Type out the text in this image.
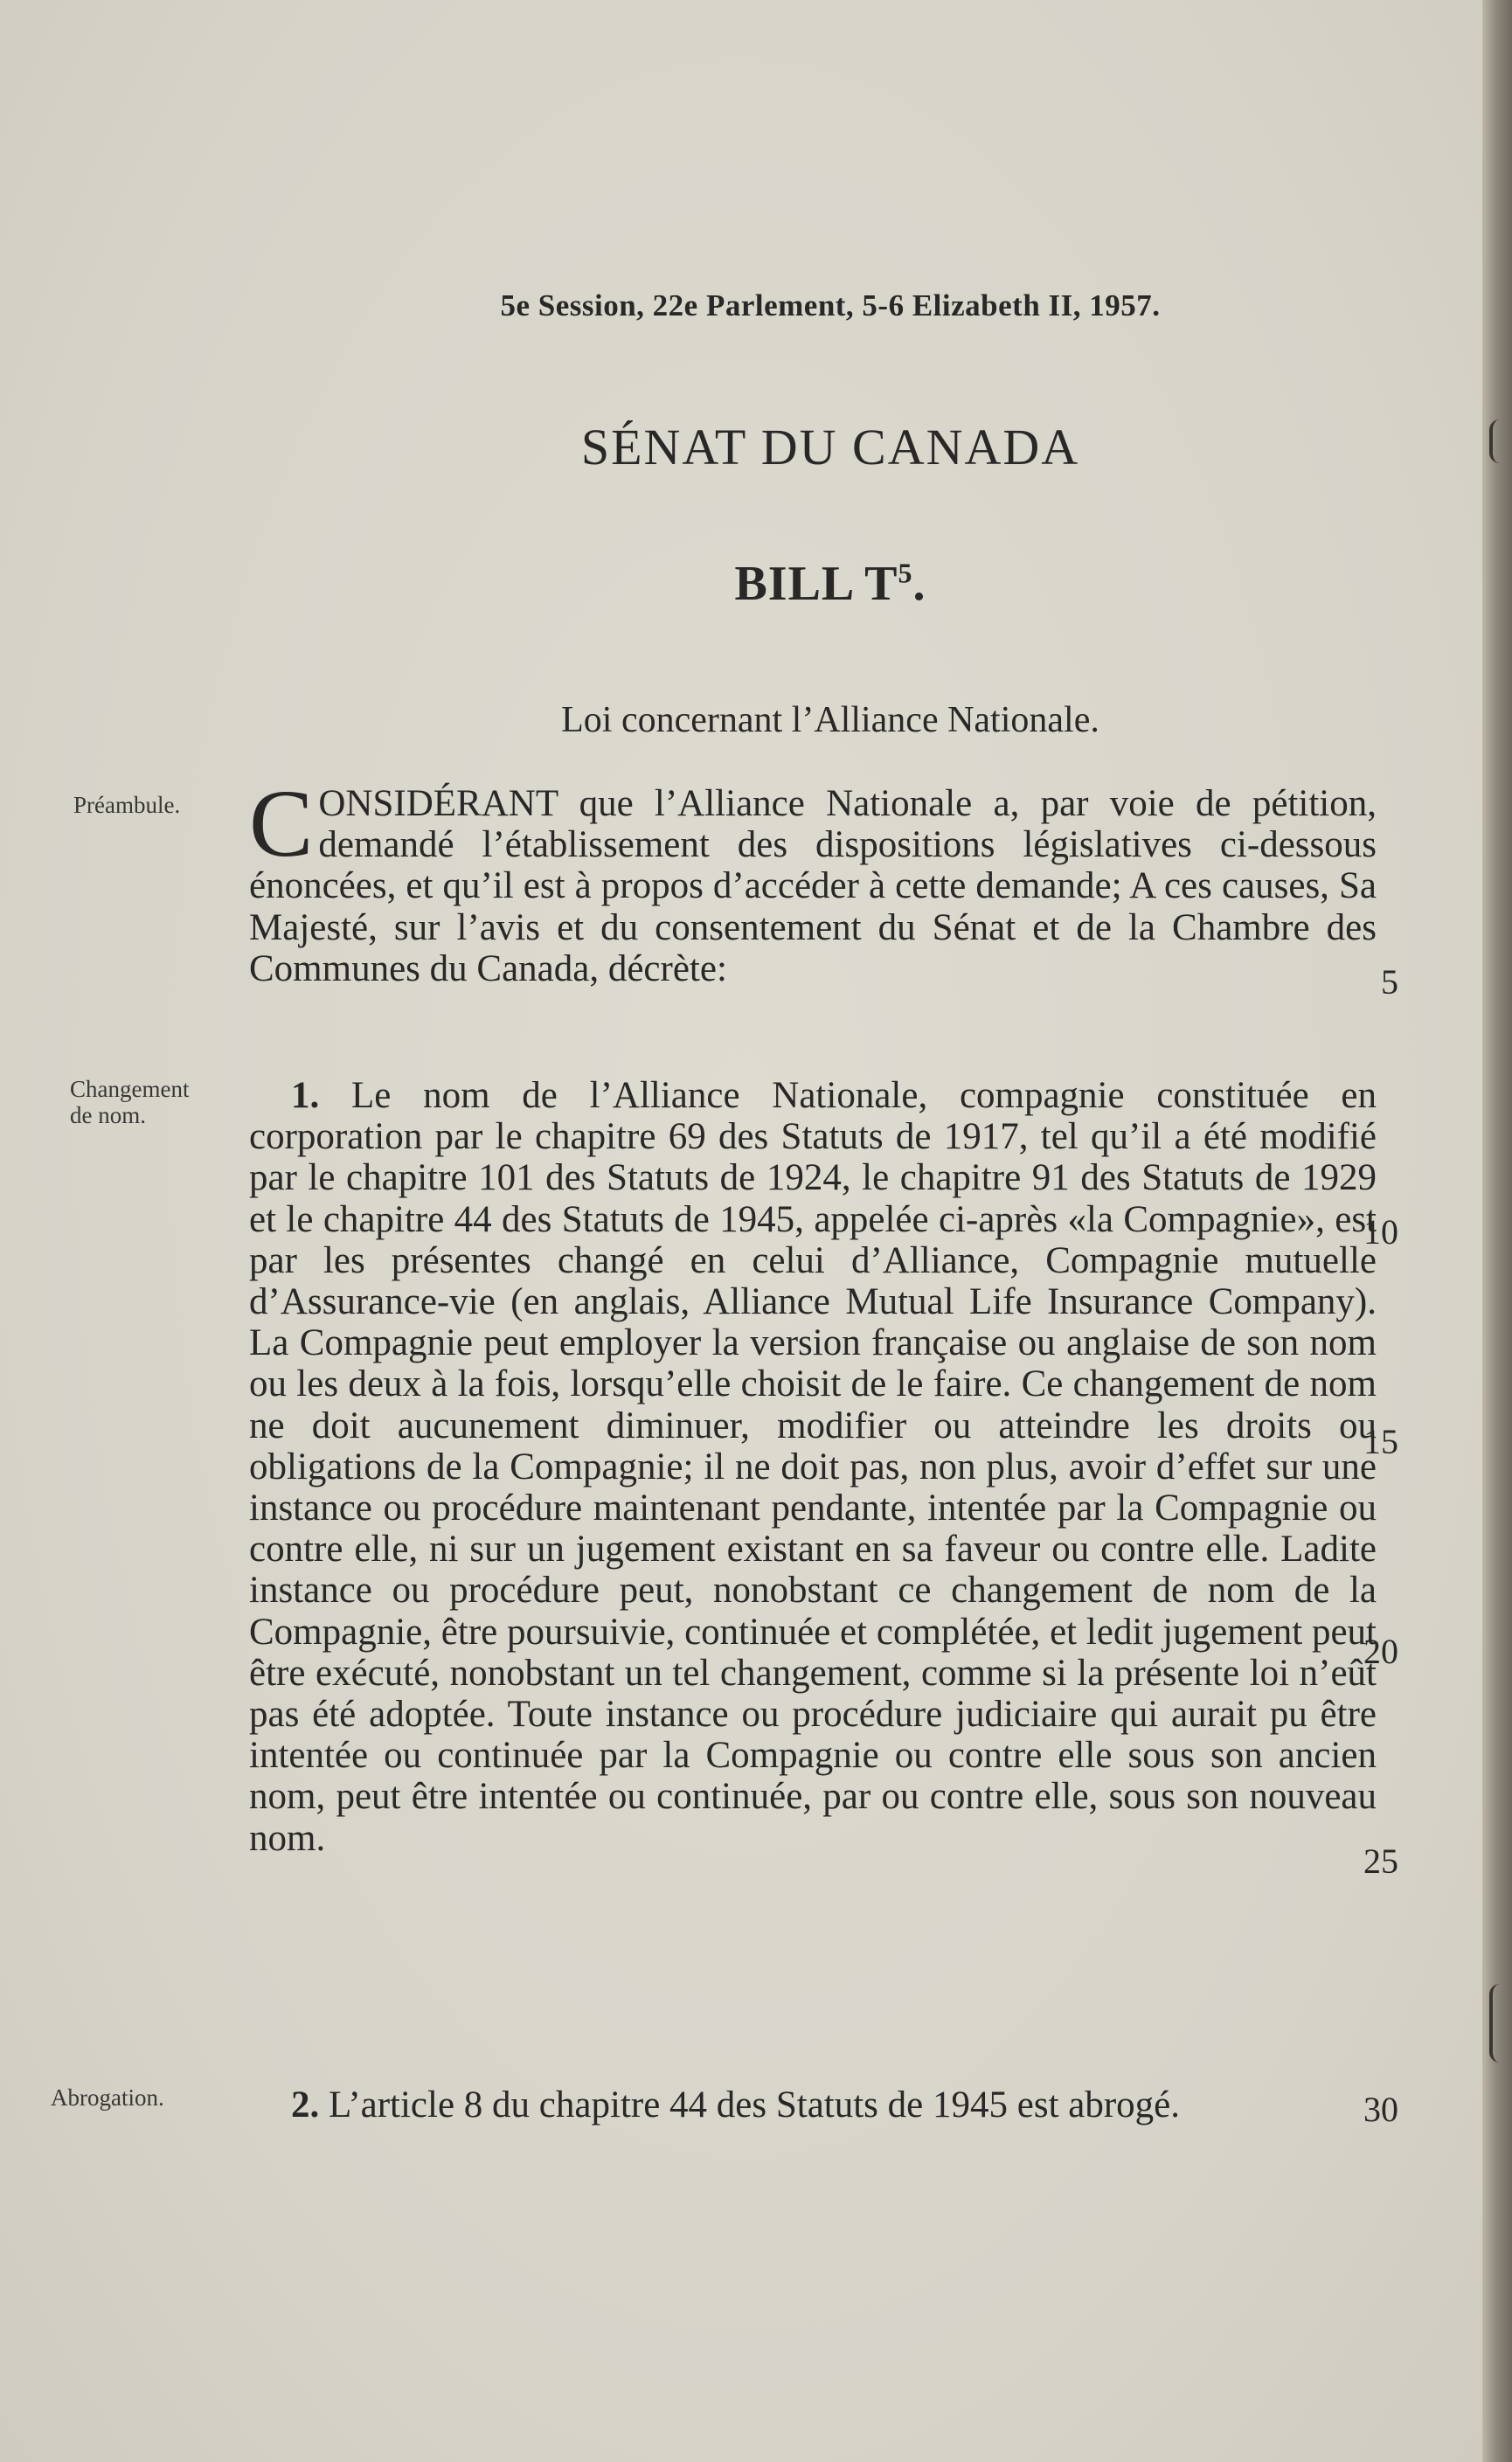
5e Session, 22e Parlement, 5-6 Elizabeth II, 1957.
SÉNAT DU CANADA
BILL $T^5$.
Loi concernant l’Alliance Nationale.
Préambule.
Changement
de nom.
Abrogation.
CONSIDÉRANT que l’Alliance Nationale a, par voie de pétition, demandé l’établissement des dispositions législatives ci-dessous énoncées, et qu’il est à propos d’accéder à cette demande; A ces causes, Sa Majesté, sur l’avis et du consentement du Sénat et de la Chambre des Communes du Canada, décrète:
1. Le nom de l’Alliance Nationale, compagnie constituée en corporation par le chapitre 69 des Statuts de 1917, tel qu’il a été modifié par le chapitre 101 des Statuts de 1924, le chapitre 91 des Statuts de 1929 et le chapitre 44 des Statuts de 1945, appelée ci-après «la Compagnie», est par les présentes changé en celui d’Alliance, Compagnie mutuelle d’Assurance-vie (en anglais, Alliance Mutual Life Insurance Company). La Compagnie peut employer la version française ou anglaise de son nom ou les deux à la fois, lorsqu’elle choisit de le faire. Ce changement de nom ne doit aucunement diminuer, modifier ou atteindre les droits ou obligations de la Compagnie; il ne doit pas, non plus, avoir d’effet sur une instance ou procédure maintenant pendante, intentée par la Compagnie ou contre elle, ni sur un jugement existant en sa faveur ou contre elle. Ladite instance ou procédure peut, nonobstant ce changement de nom de la Compagnie, être poursuivie, continuée et complétée, et ledit jugement peut être exécuté, nonobstant un tel changement, comme si la présente loi n’eût pas été adoptée. Toute instance ou procédure judiciaire qui aurait pu être intentée ou continuée par la Compagnie ou contre elle sous son ancien nom, peut être intentée ou continuée, par ou contre elle, sous son nouveau nom.
2. L’article 8 du chapitre 44 des Statuts de 1945 est abrogé.
5
10
15
20
25
30
